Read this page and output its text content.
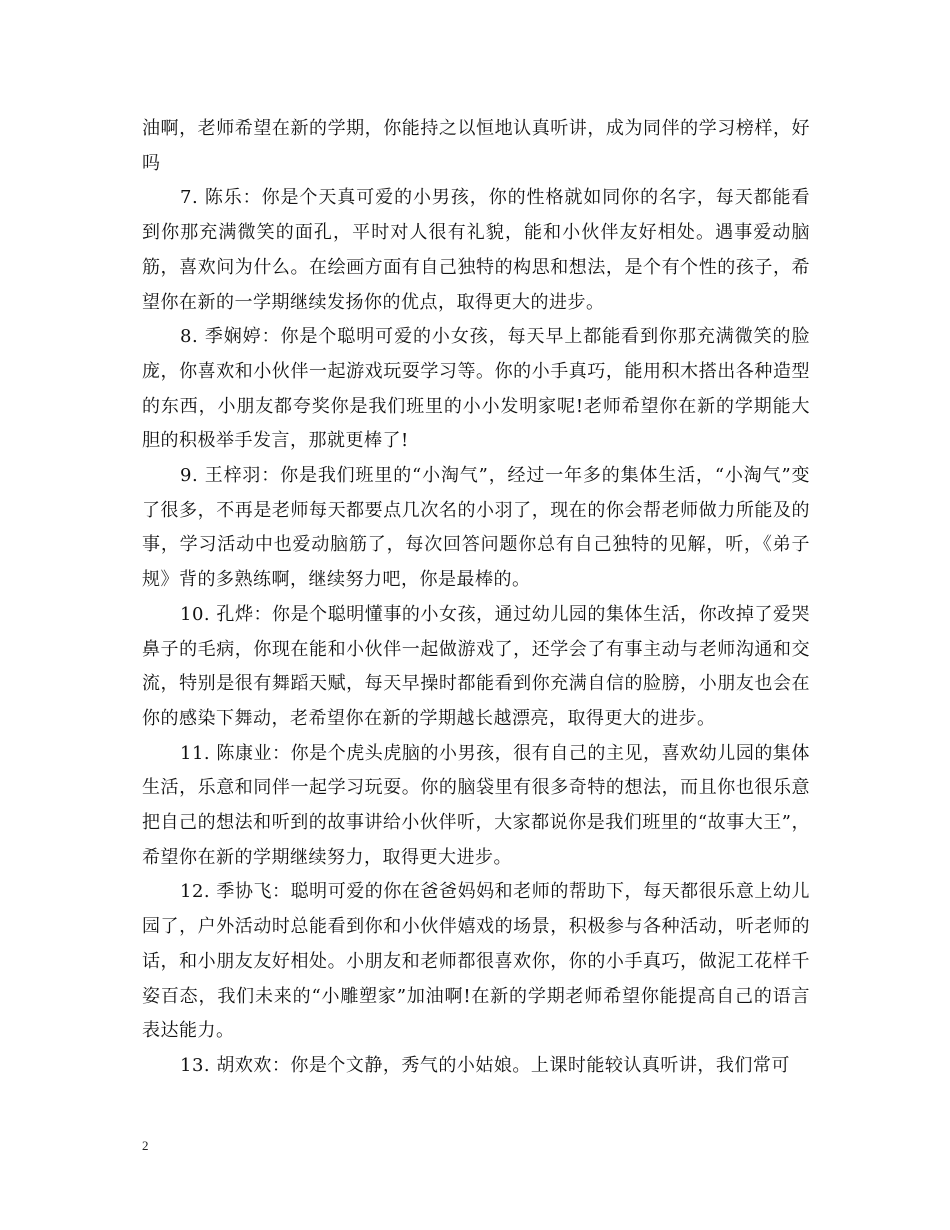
油啊，老师希望在新的学期，你能持之以恒地认真听讲，成为同伴的学习榜样，好吗

7. 陈乐：你是个天真可爱的小男孩，你的性格就如同你的名字，每天都能看到你那充满微笑的面孔，平时对人很有礼貌，能和小伙伴友好相处。遇事爱动脑筋，喜欢问为什么。在绘画方面有自己独特的构思和想法，是个有个性的孩子，希望你在新的一学期继续发扬你的优点，取得更大的进步。

8. 季娴婷：你是个聪明可爱的小女孩，每天早上都能看到你那充满微笑的脸庞，你喜欢和小伙伴一起游戏玩耍学习等。你的小手真巧，能用积木搭出各种造型的东西，小朋友都夸奖你是我们班里的小小发明家呢!老师希望你在新的学期能大胆的积极举手发言，那就更棒了!

9. 王梓羽：你是我们班里的“小淘气”，经过一年多的集体生活，“小淘气”变了很多，不再是老师每天都要点几次名的小羽了，现在的你会帮老师做力所能及的事，学习活动中也爱动脑筋了，每次回答问题你总有自己独特的见解，听，《弟子规》背的多熟练啊，继续努力吧，你是最棒的。

10. 孔烨：你是个聪明懂事的小女孩，通过幼儿园的集体生活，你改掉了爱哭鼻子的毛病，你现在能和小伙伴一起做游戏了，还学会了有事主动与老师沟通和交流，特别是很有舞蹈天赋，每天早操时都能看到你充满自信的脸膀，小朋友也会在你的感染下舞动，老希望你在新的学期越长越漂亮，取得更大的进步。

11. 陈康业：你是个虎头虎脑的小男孩，很有自己的主见，喜欢幼儿园的集体生活，乐意和同伴一起学习玩耍。你的脑袋里有很多奇特的想法，而且你也很乐意把自己的想法和听到的故事讲给小伙伴听，大家都说你是我们班里的“故事大王”，希望你在新的学期继续努力，取得更大进步。

12. 季协飞：聪明可爱的你在爸爸妈妈和老师的帮助下，每天都很乐意上幼儿园了，户外活动时总能看到你和小伙伴嬉戏的场景，积极参与各种活动，听老师的话，和小朋友友好相处。小朋友和老师都很喜欢你，你的小手真巧，做泥工花样千姿百态，我们未来的“小雕塑家”加油啊!在新的学期老师希望你能提高自己的语言表达能力。

13. 胡欢欢：你是个文静，秀气的小姑娘。上课时能较认真听讲，我们常可

2
